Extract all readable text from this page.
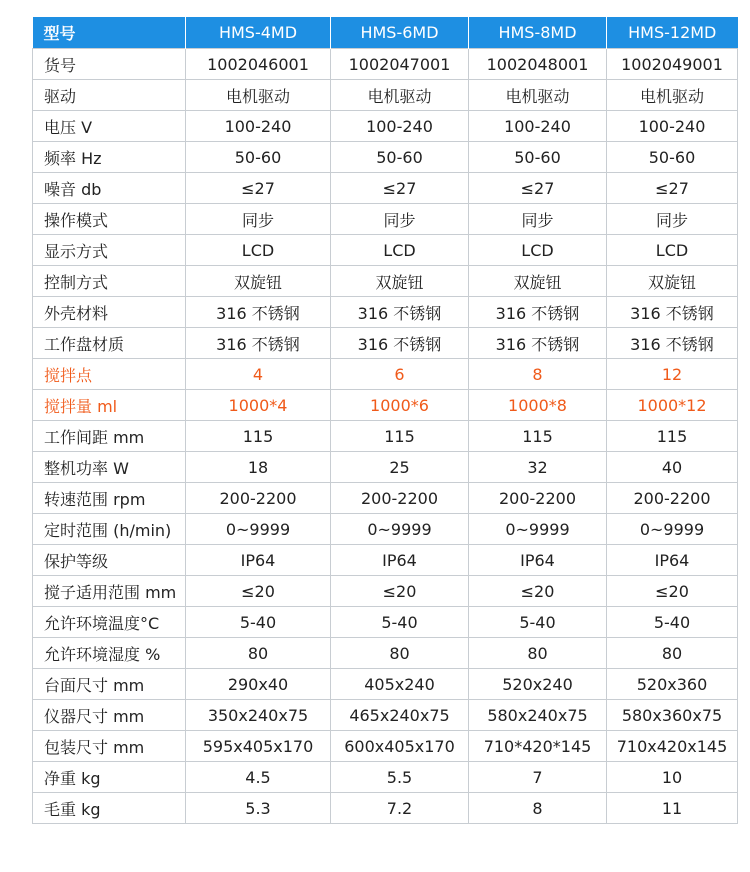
型号	HMS-4MD	HMS-6MD	HMS-8MD	HMS-12MD
货号	1002046001	1002047001	1002048001	1002049001
驱动	电机驱动	电机驱动	电机驱动	电机驱动
电压 V	100-240	100-240	100-240	100-240
频率 Hz	50-60	50-60	50-60	50-60
噪音 db	≤27	≤27	≤27	≤27
操作模式	同步	同步	同步	同步
显示方式	LCD	LCD	LCD	LCD
控制方式	双旋钮	双旋钮	双旋钮	双旋钮
外壳材料	316 不锈钢	316 不锈钢	316 不锈钢	316 不锈钢
工作盘材质	316 不锈钢	316 不锈钢	316 不锈钢	316 不锈钢
搅拌点	4	6	8	12
搅拌量 ml	1000*4	1000*6	1000*8	1000*12
工作间距 mm	115	115	115	115
整机功率 W	18	25	32	40
转速范围 rpm	200-2200	200-2200	200-2200	200-2200
定时范围 (h/min)	0~9999	0~9999	0~9999	0~9999
保护等级	IP64	IP64	IP64	IP64
搅子适用范围 mm	≤20	≤20	≤20	≤20
允许环境温度°C	5-40	5-40	5-40	5-40
允许环境湿度 %	80	80	80	80
台面尺寸 mm	290x40	405x240	520x240	520x360
仪器尺寸 mm	350x240x75	465x240x75	580x240x75	580x360x75
包装尺寸 mm	595x405x170	600x405x170	710*420*145	710x420x145
净重 kg	4.5	5.5	7	10
毛重 kg	5.3	7.2	8	11
